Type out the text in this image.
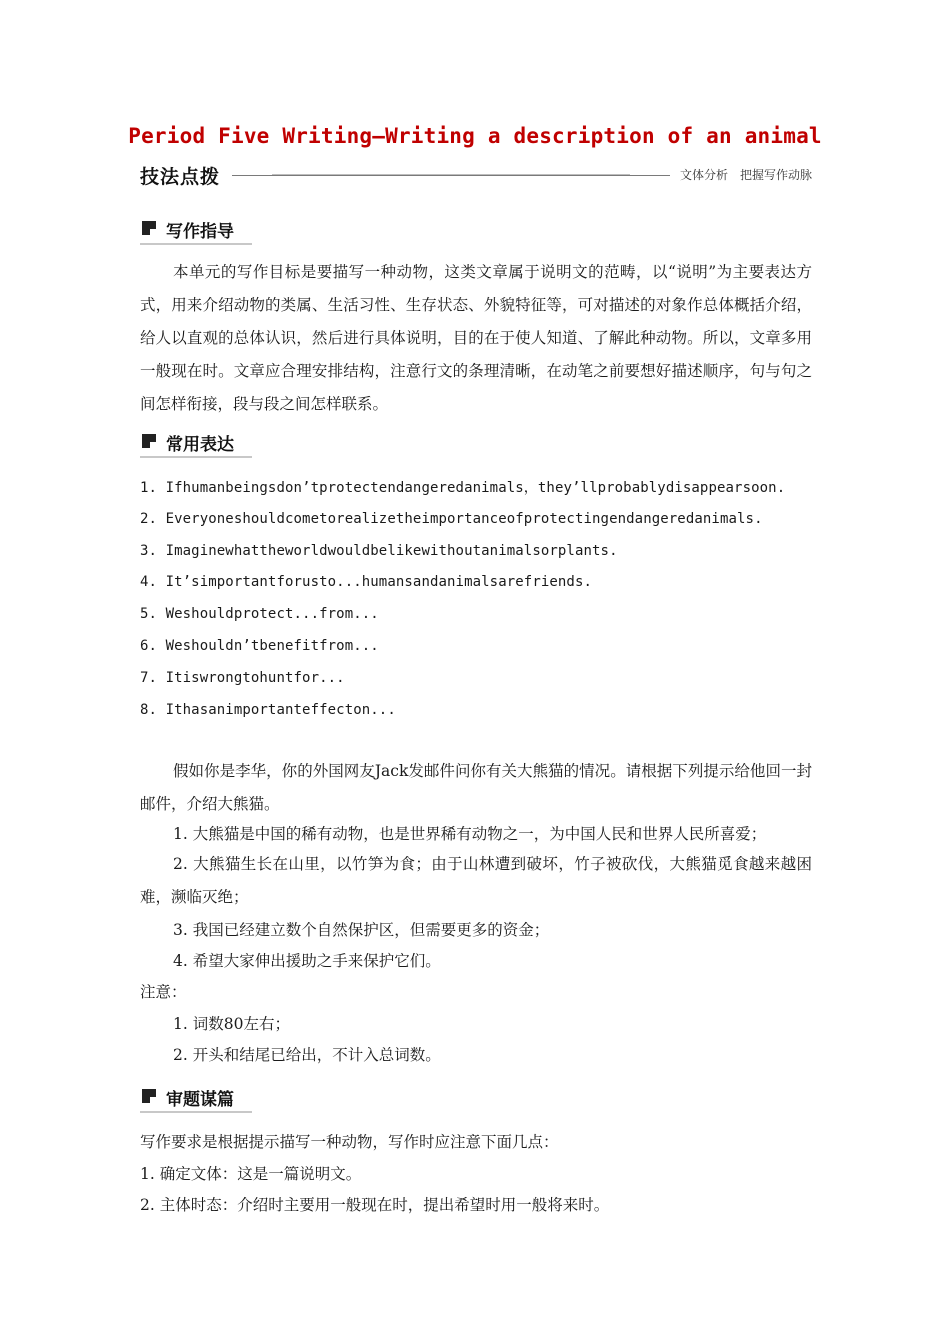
Period Five Writing—Writing a description of an animal
技法点拨	文体分析　把握写作动脉
写作指导
本单元的写作目标是要描写一种动物，这类文章属于说明文的范畴，以“说明”为主要表达方式，用来介绍动物的类属、生活习性、生存状态、外貌特征等，可对描述的对象作总体概括介绍，给人以直观的总体认识，然后进行具体说明，目的在于使人知道、了解此种动物。所以，文章多用一般现在时。文章应合理安排结构，注意行文的条理清晰，在动笔之前要想好描述顺序，句与句之间怎样衔接，段与段之间怎样联系。
常用表达
1. Ifhumanbeingsdon’tprotectendangeredanimals，they’llprobablydisappearsoon.
2. Everyoneshouldcometorealizetheimportanceofprotectingendangeredanimals.
3. Imaginewhattheworldwouldbelikewithoutanimalsorplants.
4. It’simportantforusto...humansandanimalsarefriends.
5. Weshouldprotect...from...
6. Weshouldn’tbenefitfrom...
7. Itiswrongtohuntfor...
8. Ithasanimportanteffecton...
假如你是李华，你的外国网友Jack发邮件问你有关大熊猫的情况。请根据下列提示给他回一封邮件，介绍大熊猫。
1. 大熊猫是中国的稀有动物，也是世界稀有动物之一，为中国人民和世界人民所喜爱；
2. 大熊猫生长在山里，以竹笋为食；由于山林遭到破坏，竹子被砍伐，大熊猫觅食越来越困难，濒临灭绝；
3. 我国已经建立数个自然保护区，但需要更多的资金；
4. 希望大家伸出援助之手来保护它们。
注意：
1. 词数80左右；
2. 开头和结尾已给出，不计入总词数。
审题谋篇
写作要求是根据提示描写一种动物，写作时应注意下面几点：
1. 确定文体：这是一篇说明文。
2. 主体时态：介绍时主要用一般现在时，提出希望时用一般将来时。
